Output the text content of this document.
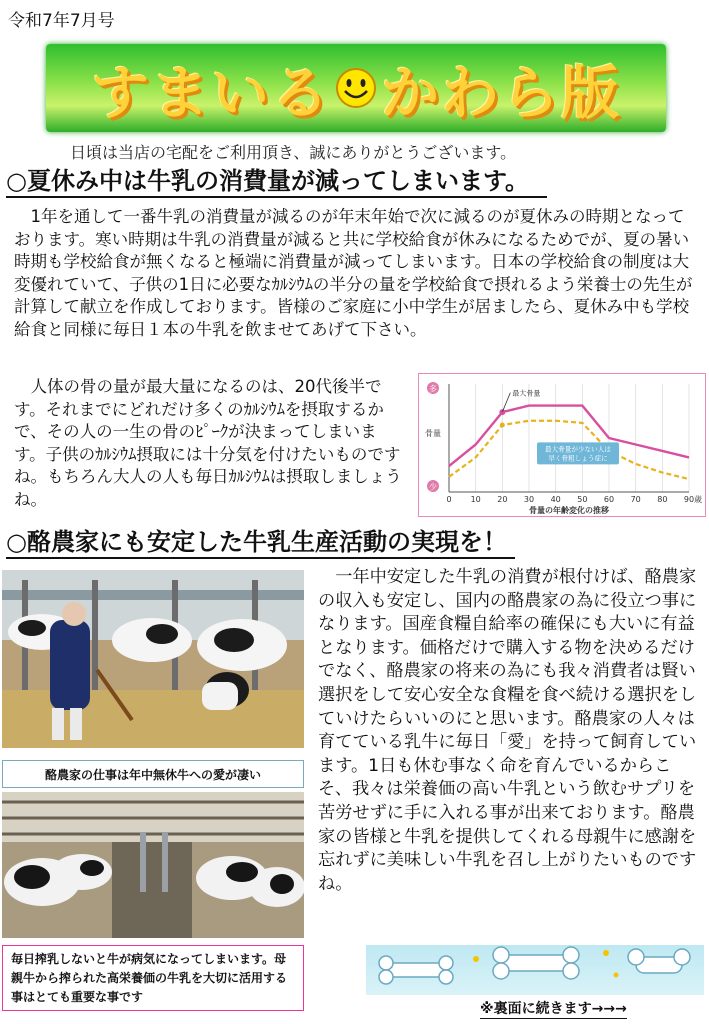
令和7年7月号
すまいる かわら版
日頃は当店の宅配をご利用頂き、誠にありがとうございます。
○夏休み中は牛乳の消費量が減ってしまいます。
　1年を通して一番牛乳の消費量が減るのが年末年始で次に減るのが夏休みの時期となっております。寒い時期は牛乳の消費量が減ると共に学校給食が休みになるためでが、夏の暑い時期も学校給食が無くなると極端に消費量が減ってしまいます。日本の学校給食の制度は大変優れていて、子供の1日に必要なｶﾙｼｳﾑの半分の量を学校給食で摂れるよう栄養士の先生が計算して献立を作成しております。皆様のご家庭に小中学生が居ましたら、夏休み中も学校給食と同様に毎日１本の牛乳を飲ませてあげて下さい。
　人体の骨の量が最大量になるのは、20代後半です。それまでにどれだけ多くのｶﾙｼｳﾑを摂取するかで、その人の一生の骨のﾋﾟｰｸが決まってしまいます。子供のｶﾙｼｳﾑ摂取には十分気を付けたいものですね。もちろん大人の人も毎日ｶﾙｼｳﾑは摂取しましょうね。
多
少
骨量
0 10 20 30 40 50 60 70 80 90 歳
骨量の年齢変化の推移
最大骨量
最大骨量が少ない人は
早く骨粗しょう症に
○酪農家にも安定した牛乳生産活動の実現を！
酪農家の仕事は年中無休牛への愛が凄い
毎日搾乳しないと牛が病気になってしまいます。母親牛から搾られた高栄養価の牛乳を大切に活用する事はとても重要な事です
　一年中安定した牛乳の消費が根付けば、酪農家の収入も安定し、国内の酪農家の為に役立つ事になります。国産食糧自給率の確保にも大いに有益となります。価格だけで購入する物を決めるだけでなく、酪農家の将来の為にも我々消費者は賢い選択をして安心安全な食糧を食べ続ける選択をしていけたらいいのにと思います。酪農家の人々は育てている乳牛に毎日「愛」を持って飼育しています。1日も休む事なく命を育んでいるからこそ、我々は栄養価の高い牛乳という飲むサプリを苦労せずに手に入れる事が出来ております。酪農家の皆様と牛乳を提供してくれる母親牛に感謝を忘れずに美味しい牛乳を召し上がりたいものですね。
※裏面に続きます→→→
